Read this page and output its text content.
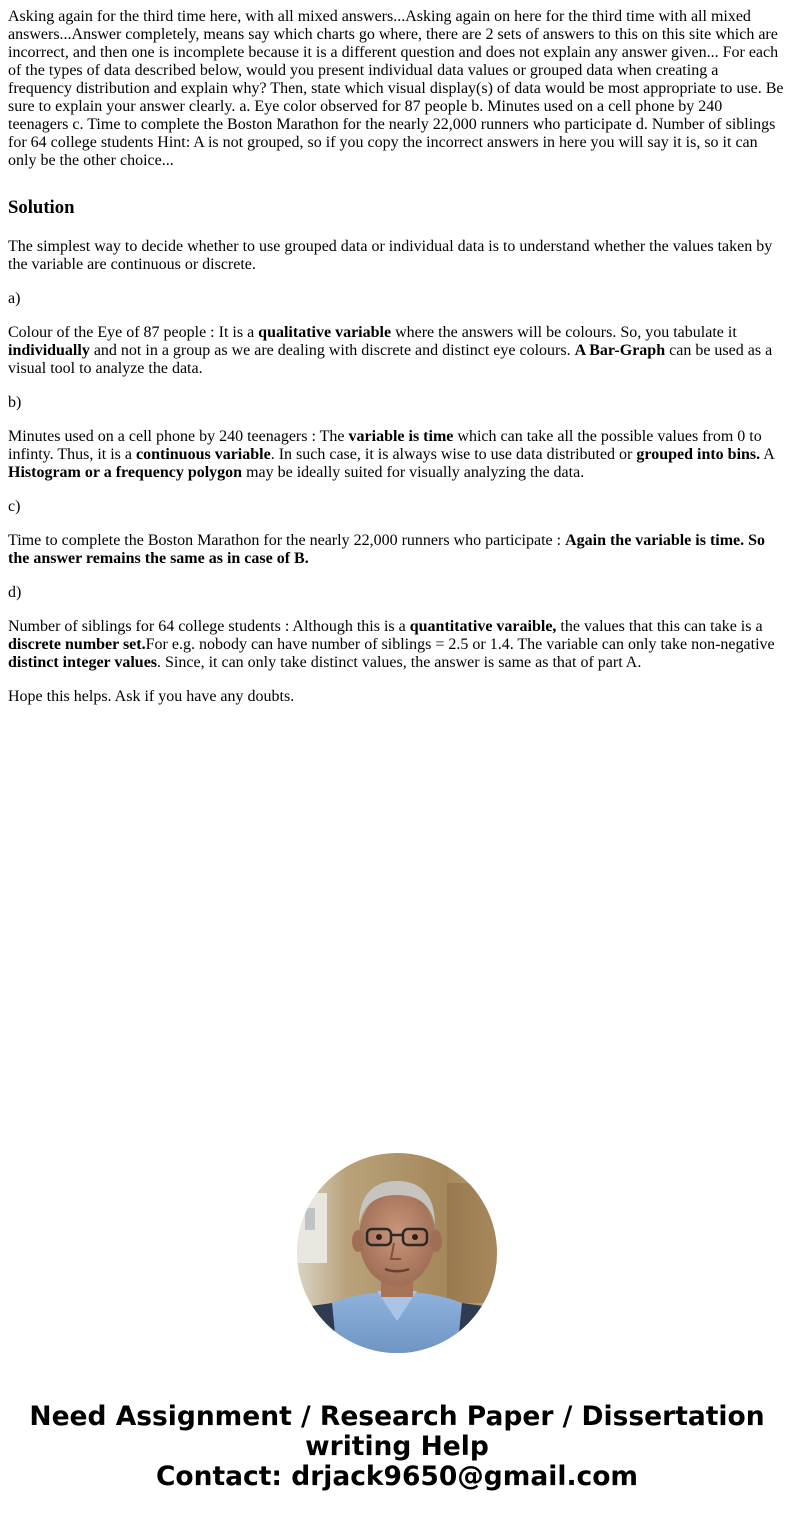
Asking again for the third time here, with all mixed answers...Asking again on here for the third time with all mixed answers...Answer completely, means say which charts go where, there are 2 sets of answers to this on this site which are incorrect, and then one is incomplete because it is a different question and does not explain any answer given... For each of the types of data described below, would you present individual data values or grouped data when creating a frequency distribution and explain why? Then, state which visual display(s) of data would be most appropriate to use. Be sure to explain your answer clearly. a. Eye color observed for 87 people b. Minutes used on a cell phone by 240 teenagers c. Time to complete the Boston Marathon for the nearly 22,000 runners who participate d. Number of siblings for 64 college students Hint: A is not grouped, so if you copy the incorrect answers in here you will say it is, so it can only be the other choice...

Solution

The simplest way to decide whether to use grouped data or individual data is to understand whether the values taken by the variable are continuous or discrete.

a)

Colour of the Eye of 87 people : It is a qualitative variable where the answers will be colours. So, you tabulate it individually and not in a group as we are dealing with discrete and distinct eye colours. A Bar-Graph can be used as a visual tool to analyze the data.

b)

Minutes used on a cell phone by 240 teenagers : The variable is time which can take all the possible values from 0 to infinty. Thus, it is a continuous variable. In such case, it is always wise to use data distributed or grouped into bins. A Histogram or a frequency polygon may be ideally suited for visually analyzing the data.

c)

Time to complete the Boston Marathon for the nearly 22,000 runners who participate : Again the variable is time. So the answer remains the same as in case of B.

d)

Number of siblings for 64 college students : Although this is a quantitative varaible, the values that this can take is a discrete number set.For e.g. nobody can have number of siblings = 2.5 or 1.4. The variable can only take non-negative distinct integer values. Since, it can only take distinct values, the answer is same as that of part A.

Hope this helps. Ask if you have any doubts.

Need Assignment / Research Paper / Dissertation writing Help
Contact: drjack9650@gmail.com
